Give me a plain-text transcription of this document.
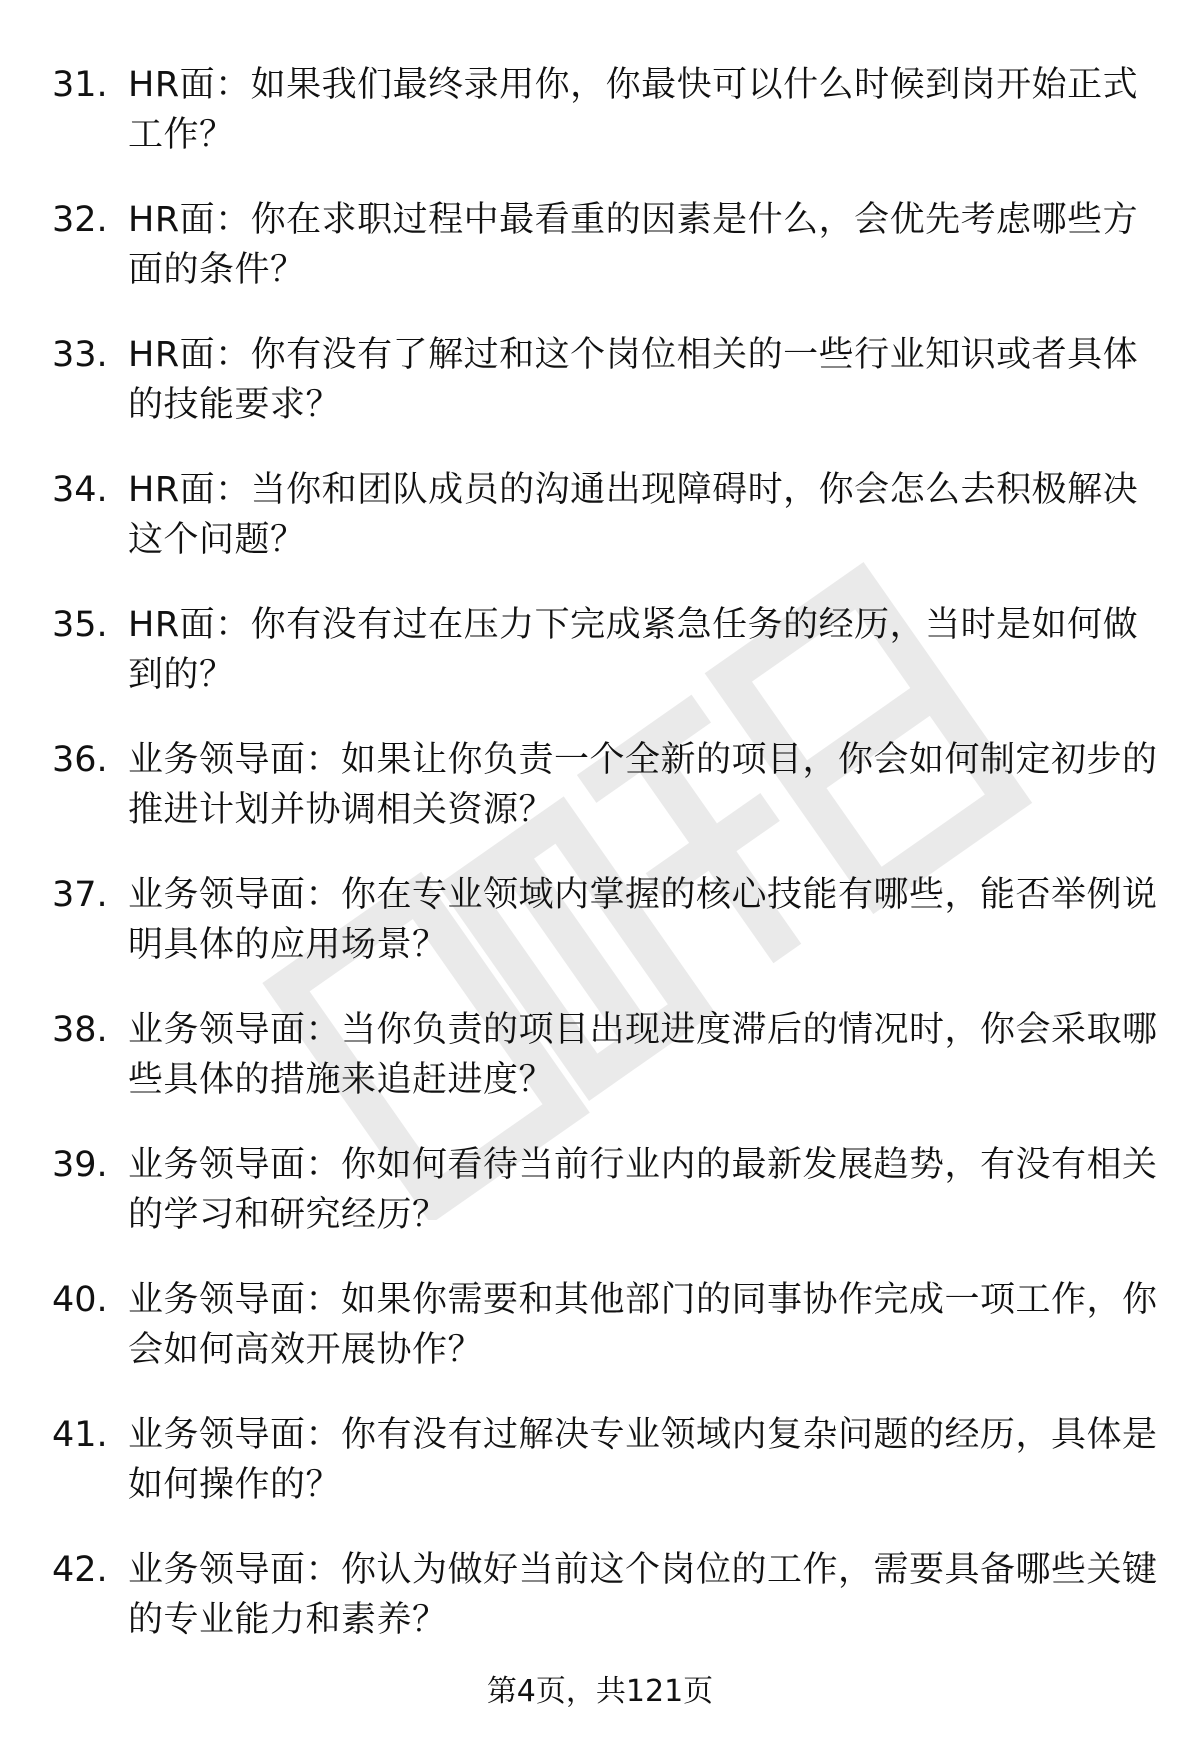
31. HR面：如果我们最终录用你，你最快可以什么时候到岗开始正式工作？
32. HR面：你在求职过程中最看重的因素是什么，会优先考虑哪些方面的条件？
33. HR面：你有没有了解过和这个岗位相关的一些行业知识或者具体的技能要求？
34. HR面：当你和团队成员的沟通出现障碍时，你会怎么去积极解决这个问题？
35. HR面：你有没有过在压力下完成紧急任务的经历，当时是如何做到的？
36. 业务领导面：如果让你负责一个全新的项目，你会如何制定初步的推进计划并协调相关资源？
37. 业务领导面：你在专业领域内掌握的核心技能有哪些，能否举例说明具体的应用场景？
38. 业务领导面：当你负责的项目出现进度滞后的情况时，你会采取哪些具体的措施来追赶进度？
39. 业务领导面：你如何看待当前行业内的最新发展趋势，有没有相关的学习和研究经历？
40. 业务领导面：如果你需要和其他部门的同事协作完成一项工作，你会如何高效开展协作？
41. 业务领导面：你有没有过解决专业领域内复杂问题的经历，具体是如何操作的？
42. 业务领导面：你认为做好当前这个岗位的工作，需要具备哪些关键的专业能力和素养？
第4页，共121页
